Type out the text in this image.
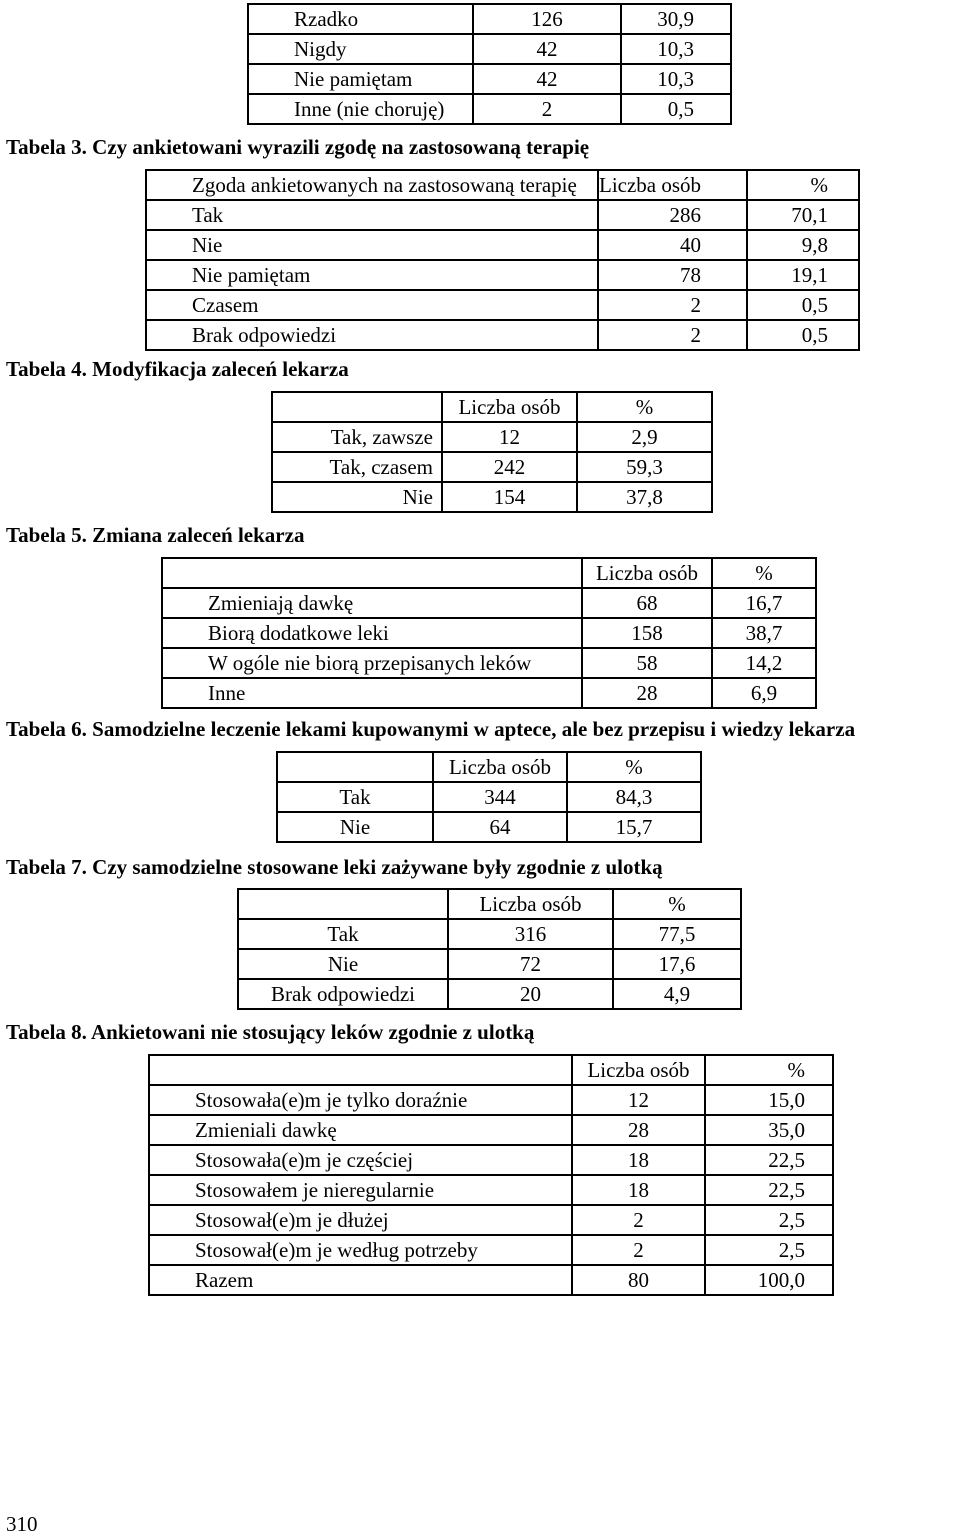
Rzadko	126	30,9
Nigdy	42	10,3
Nie pamiętam	42	10,3
Inne (nie choruję)	2	0,5
Tabela 3. Czy ankietowani wyrazili zgodę na zastosowaną terapię
Zgoda ankietowanych na zastosowaną terapię	Liczba osób	%
Tak	286	70,1
Nie	40	9,8
Nie pamiętam	78	19,1
Czasem	2	0,5
Brak odpowiedzi	2	0,5
Tabela 4. Modyfikacja zaleceń lekarza
	Liczba osób	%
Tak, zawsze	12	2,9
Tak, czasem	242	59,3
Nie	154	37,8
Tabela 5. Zmiana zaleceń lekarza
	Liczba osób	%
Zmieniają dawkę	68	16,7
Biorą dodatkowe leki	158	38,7
W ogóle nie biorą przepisanych leków	58	14,2
Inne	28	6,9
Tabela 6. Samodzielne leczenie lekami kupowanymi w aptece, ale bez przepisu i wiedzy lekarza
	Liczba osób	%
Tak	344	84,3
Nie	64	15,7
Tabela 7. Czy samodzielne stosowane leki zażywane były zgodnie z ulotką
	Liczba osób	%
Tak	316	77,5
Nie	72	17,6
Brak odpowiedzi	20	4,9
Tabela 8. Ankietowani nie stosujący leków zgodnie z ulotką
	Liczba osób	%
Stosowała(e)m je tylko doraźnie	12	15,0
Zmieniali dawkę	28	35,0
Stosowała(e)m je częściej	18	22,5
Stosowałem je nieregularnie	18	22,5
Stosował(e)m je dłużej	2	2,5
Stosował(e)m je według potrzeby	2	2,5
Razem	80	100,0
310
